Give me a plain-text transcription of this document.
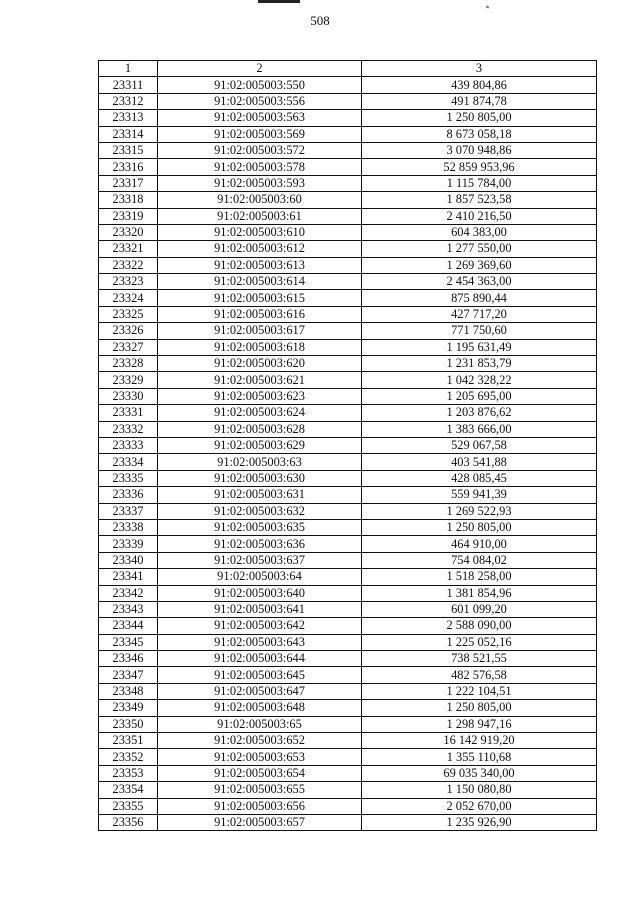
508
1	2	3
23311	91:02:005003:550	439 804,86
23312	91:02:005003:556	491 874,78
23313	91:02:005003:563	1 250 805,00
23314	91:02:005003:569	8 673 058,18
23315	91:02:005003:572	3 070 948,86
23316	91:02:005003:578	52 859 953,96
23317	91:02:005003:593	1 115 784,00
23318	91:02:005003:60	1 857 523,58
23319	91:02:005003:61	2 410 216,50
23320	91:02:005003:610	604 383,00
23321	91:02:005003:612	1 277 550,00
23322	91:02:005003:613	1 269 369,60
23323	91:02:005003:614	2 454 363,00
23324	91:02:005003:615	875 890,44
23325	91:02:005003:616	427 717,20
23326	91:02:005003:617	771 750,60
23327	91:02:005003:618	1 195 631,49
23328	91:02:005003:620	1 231 853,79
23329	91:02:005003:621	1 042 328,22
23330	91:02:005003:623	1 205 695,00
23331	91:02:005003:624	1 203 876,62
23332	91:02:005003:628	1 383 666,00
23333	91:02:005003:629	529 067,58
23334	91:02:005003:63	403 541,88
23335	91:02:005003:630	428 085,45
23336	91:02:005003:631	559 941,39
23337	91:02:005003:632	1 269 522,93
23338	91:02:005003:635	1 250 805,00
23339	91:02:005003:636	464 910,00
23340	91:02:005003:637	754 084,02
23341	91:02:005003:64	1 518 258,00
23342	91:02:005003:640	1 381 854,96
23343	91:02:005003:641	601 099,20
23344	91:02:005003:642	2 588 090,00
23345	91:02:005003:643	1 225 052,16
23346	91:02:005003:644	738 521,55
23347	91:02:005003:645	482 576,58
23348	91:02:005003:647	1 222 104,51
23349	91:02:005003:648	1 250 805,00
23350	91:02:005003:65	1 298 947,16
23351	91:02:005003:652	16 142 919,20
23352	91:02:005003:653	1 355 110,68
23353	91:02:005003:654	69 035 340,00
23354	91:02:005003:655	1 150 080,80
23355	91:02:005003:656	2 052 670,00
23356	91:02:005003:657	1 235 926,90
